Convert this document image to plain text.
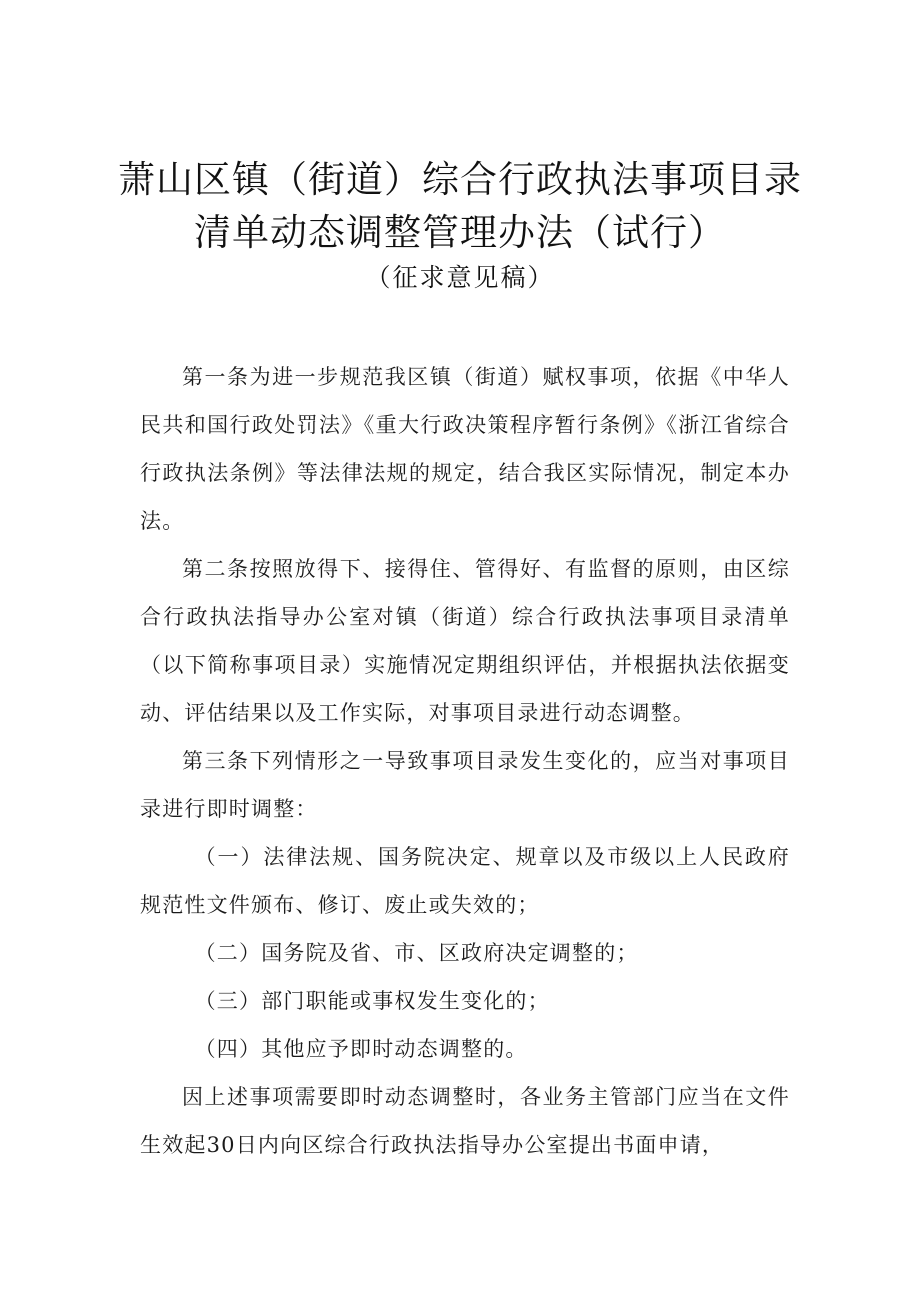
萧山区镇（街道）综合行政执法事项目录
清单动态调整管理办法（试行）
（征求意见稿）

第一条为进一步规范我区镇（街道）赋权事项，依据《中华人民共和国行政处罚法》《重大行政决策程序暂行条例》《浙江省综合行政执法条例》等法律法规的规定，结合我区实际情况，制定本办法。

第二条按照放得下、接得住、管得好、有监督的原则，由区综合行政执法指导办公室对镇（街道）综合行政执法事项目录清单（以下简称事项目录）实施情况定期组织评估，并根据执法依据变动、评估结果以及工作实际，对事项目录进行动态调整。

第三条下列情形之一导致事项目录发生变化的，应当对事项目录进行即时调整：

（一）法律法规、国务院决定、规章以及市级以上人民政府规范性文件颁布、修订、废止或失效的；

（二）国务院及省、市、区政府决定调整的；

（三）部门职能或事权发生变化的；

（四）其他应予即时动态调整的。

因上述事项需要即时动态调整时，各业务主管部门应当在文件生效起30日内向区综合行政执法指导办公室提出书面申请，
